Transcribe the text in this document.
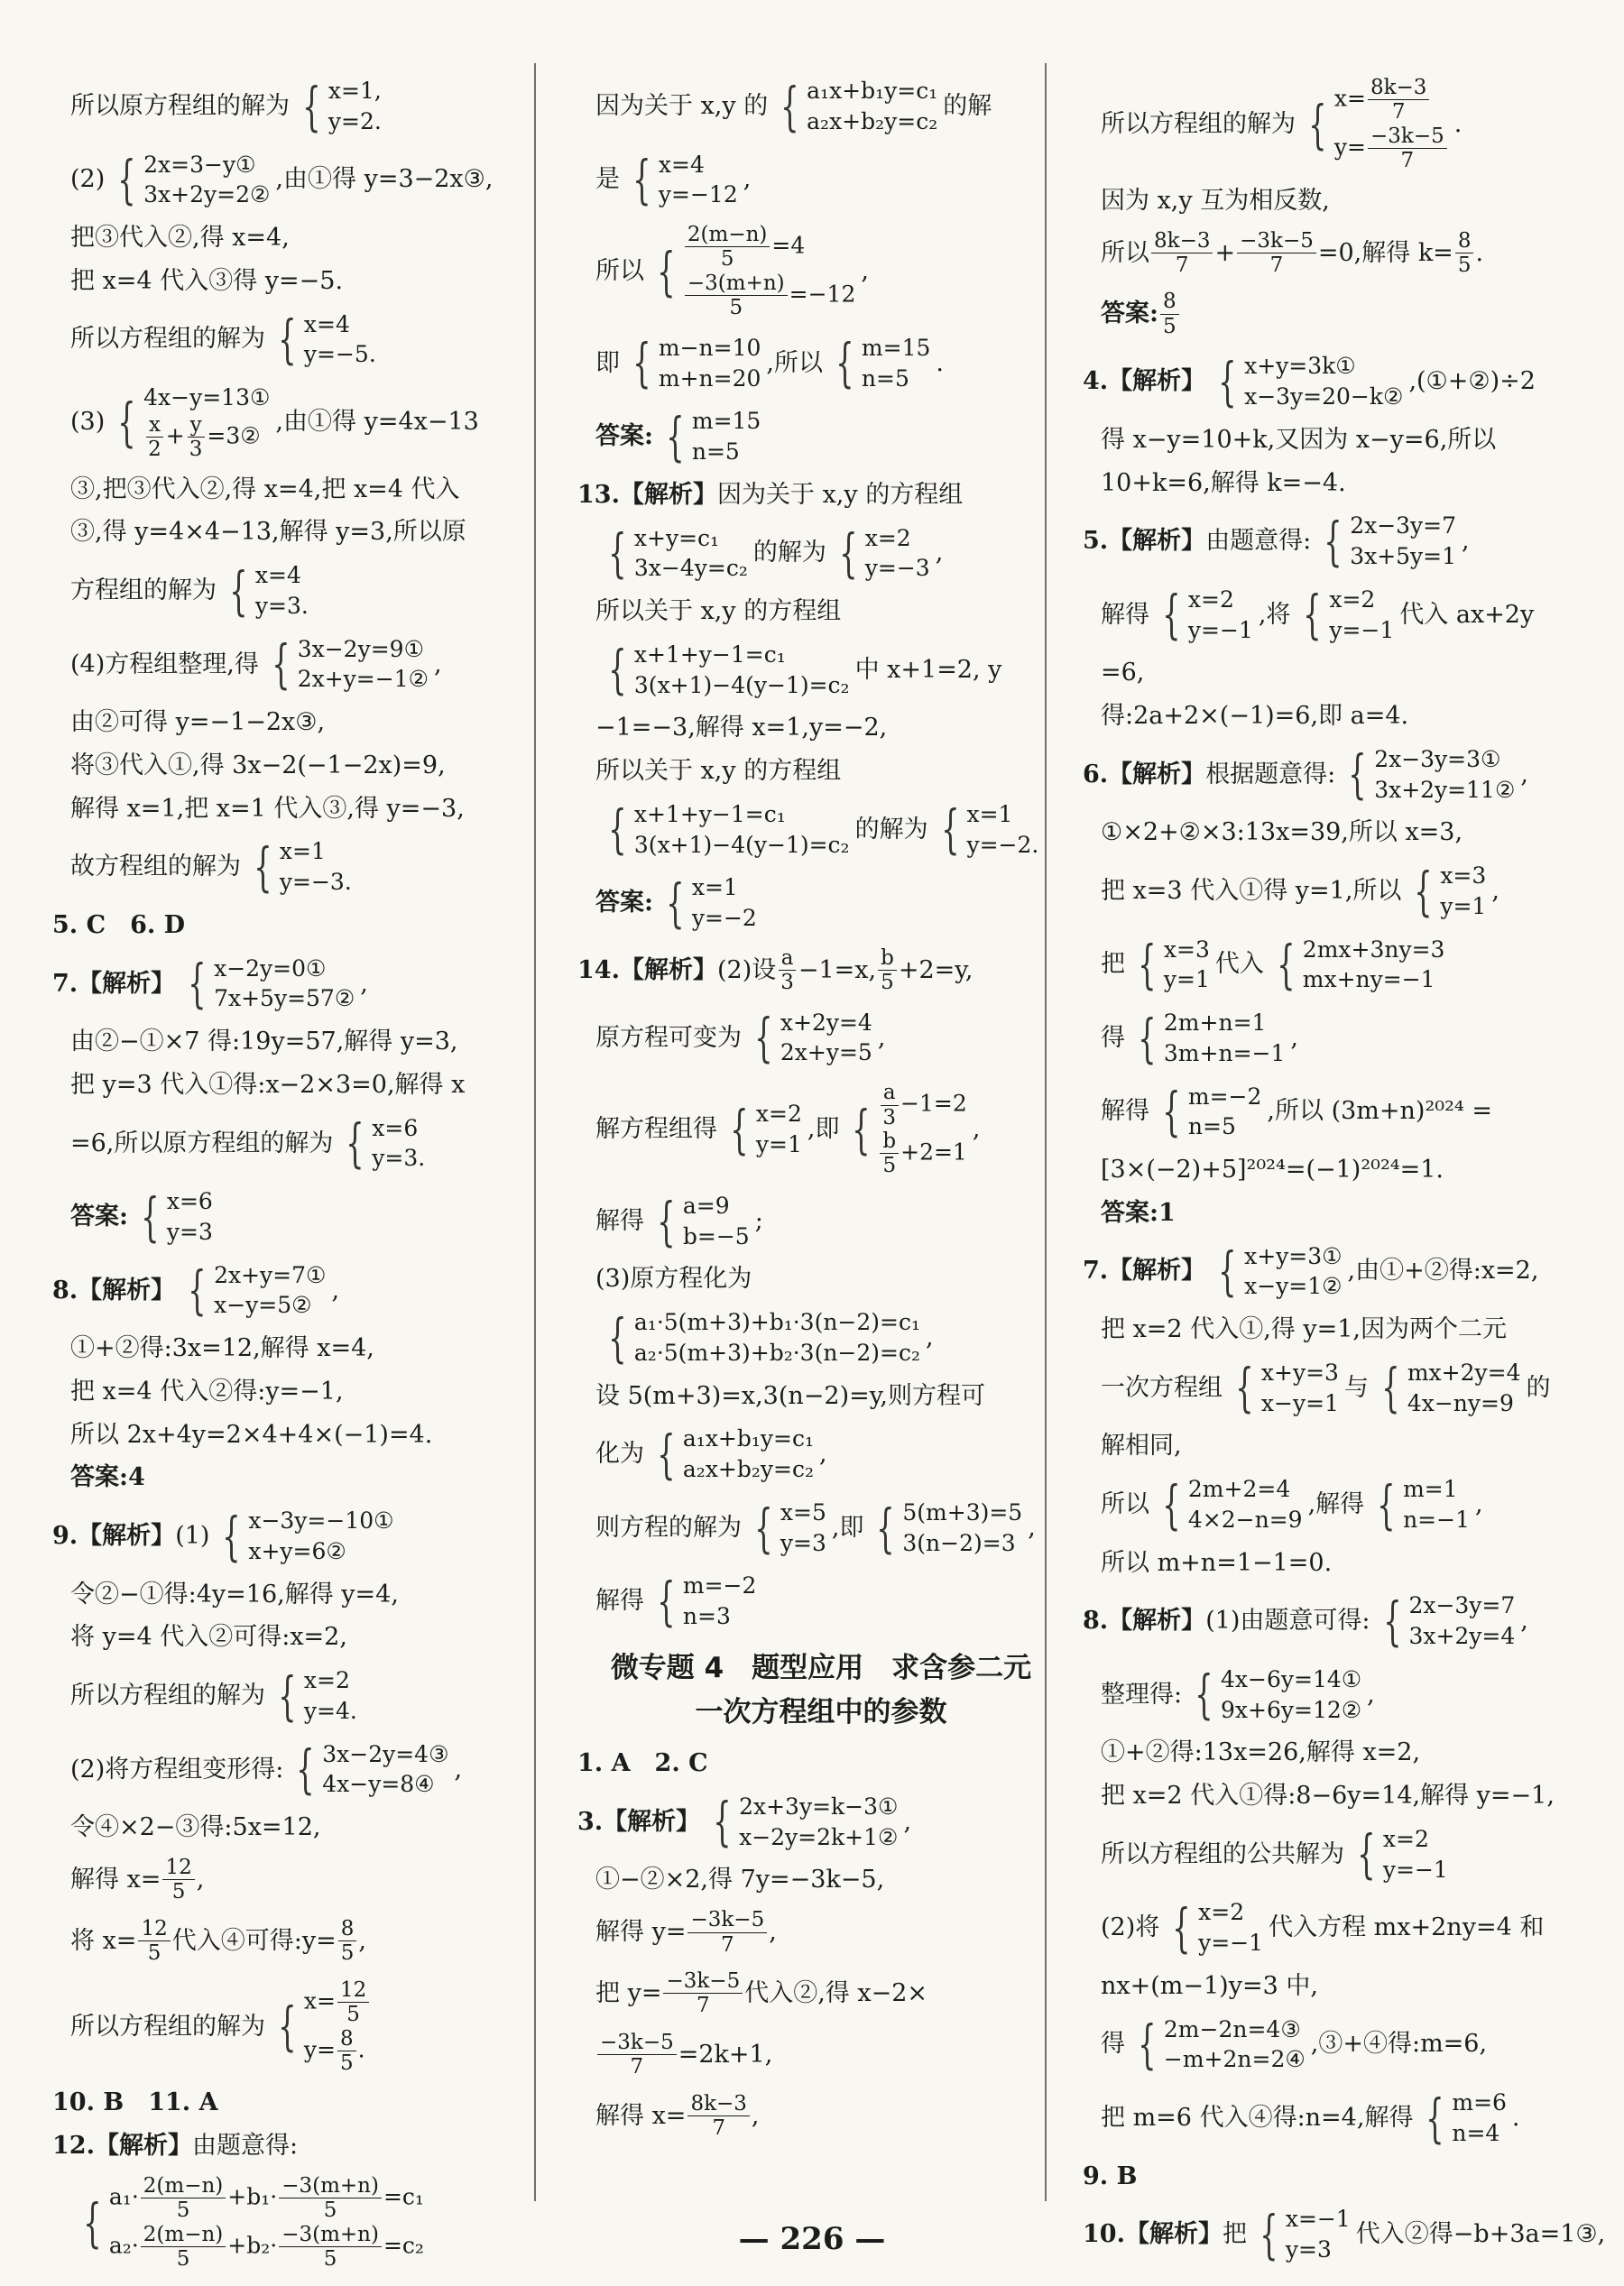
所以原方程组的解为 { x=1,
y=2.
(2) { 2x=3−y①
3x+2y=2②
,由①得 y=3−2x③,
把③代入②,得 x=4,
把 x=4 代入③得 y=−5.
所以方程组的解为 { x=4
y=−5.
(3) { 4x−y=13①
$\frac{x}{2} + \frac{y}{3}$ =3② ,由①得 y=4x−13
③,把③代入②,得 x=4,把 x=4 代入
③,得 y=4×4−13,解得 y=3,所以原
方程组的解为 { x=4
y=3.
(4)方程组整理,得 { 3x−2y=9①
2x+y=−1②
,
由②可得 y=−1−2x③,
将③代入①,得 3x−2(−1−2x)=9,
解得 x=1,把 x=1 代入③,得 y=−3,
故方程组的解为 { x=1
y=−3.
5. C　6. D
7.【解析】 { x−2y=0①
7x+5y=57②
,
由②−①×7 得:19y=57,解得 y=3,
把 y=3 代入①得:x−2×3=0,解得 x
=6,所以原方程组的解为 { x=6
y=3.
答案: { x=6
y=3
8.【解析】 { 2x+y=7①
x−y=5②
,
①+②得:3x=12,解得 x=4,
把 x=4 代入②得:y=−1,
所以 2x+4y=2×4+4×(−1)=4.
答案:4
9.【解析】 (1) { x−3y=−10①
x+y=6②
令②−①得:4y=16,解得 y=4,
将 y=4 代入②可得:x=2,
所以方程组的解为 { x=2
y=4.
(2)将方程组变形得: { 3x−2y=4③
4x−y=8④
,
令④×2−③得:5x=12,
解得 $x= \frac{12}{5}$ ,
将 $x= \frac{12}{5}$ 代入④可得:y= $\frac{8}{5}$ ,
所以方程组的解为 { $x= \frac{12}{5}$
$y= \frac{8}{5}$ .
10. B　11. A
12.【解析】 由题意得:
{ $a_1\cdot \frac{2(m-n)}{5} +b_1\cdot \frac{-3(m+n)}{5} =c_1$
$a_2\cdot \frac{2(m-n)}{5} +b_2\cdot \frac{-3(m+n)}{5} =c_2$
因为关于 x,y 的 { a₁x+b₁y=c₁
a₂x+b₂y=c₂
的解
是 { x=4
y=−12
,
所以 { $\frac{2(m-n)}{5} =4$
$\frac{-3(m+n)}{5} =-12$
,
即 { m−n=10
m+n=20
,所以 { m=15
n=5
.
答案: { m=15
n=5
13.【解析】 因为关于 x,y 的方程组
{ x+y=c₁
3x−4y=c₂
的解为 { x=2
y=−3
,
所以关于 x,y 的方程组
{ x+1+y−1=c₁
3(x+1)−4(y−1)=c₂
中 x+1=2, y
−1=−3,解得 x=1,y=−2,
所以关于 x,y 的方程组
{ x+1+y−1=c₁
3(x+1)−4(y−1)=c₂
的解为 { x=1
y=−2.
答案: { x=1
y=−2
14.【解析】 (2)设 $\frac{a}{3} -1=x$, $\frac{b}{5} +2=y$,
原方程可变为 { x+2y=4
2x+y=5
,
解方程组得 { x=2
y=1
,即 { $\frac{a}{3} -1=2$
$\frac{b}{5} +2=1$
,
解得 { a=9
b=−5
;
(3)原方程化为
{ a₁·5(m+3)+b₁·3(n−2)=c₁
a₂·5(m+3)+b₂·3(n−2)=c₂
,
设 5(m+3)=x,3(n−2)=y,则方程可
化为 { a₁x+b₁y=c₁
a₂x+b₂y=c₂
,
则方程的解为 { x=5
y=3
,即 { 5(m+3)=5
3(n−2)=3
,
解得 { m=−2
n=3
微专题 4　题型应用　求含参二元
一次方程组中的参数
1. A　2. C
3.【解析】 { 2x+3y=k−3①
x−2y=2k+1②
,
①−②×2,得 7y=−3k−5,
解得 $y= \frac{-3k-5}{7}$ ,
把 $y= \frac{-3k-5}{7}$ 代入②,得 x−2×
$\frac{-3k-5}{7} =2k+1$,
解得 $x= \frac{8k-3}{7}$ ,
所以方程组的解为 { $x= \frac{8k-3}{7}$
$y= \frac{-3k-5}{7}$
.
因为 x,y 互为相反数,
所以 $\frac{8k-3}{7} + \frac{-3k-5}{7} =0$,解得 $k= \frac{8}{5}$ .
答案: $\frac{8}{5}$
4.【解析】 { x+y=3k①
x−3y=20−k②
,(①+②)÷2
得 x−y=10+k,又因为 x−y=6,所以
10+k=6,解得 k=−4.
5.【解析】 由题意得: { 2x−3y=7
3x+5y=1
,
解得 { x=2
y=−1
,将 { x=2
y=−1
代入 ax+2y
=6,
得:2a+2×(−1)=6,即 a=4.
6.【解析】 根据题意得: { 2x−3y=3①
3x+2y=11②
,
①×2+②×3:13x=39,所以 x=3,
把 x=3 代入①得 y=1,所以 { x=3
y=1
,
把 { x=3
y=1
代入 { 2mx+3ny=3
mx+ny=−1
得 { 2m+n=1
3m+n=−1
,
解得 { m=−2
n=5
,所以 (3m+n)²⁰²⁴ =
[3×(−2)+5]²⁰²⁴=(−1)²⁰²⁴=1.
答案:1
7.【解析】 { x+y=3①
x−y=1②
,由①+②得:x=2,
把 x=2 代入①,得 y=1,因为两个二元
一次方程组 { x+y=3
x−y=1
与 { mx+2y=4
4x−ny=9
的
解相同,
所以 { 2m+2=4
4×2−n=9
,解得 { m=1
n=−1
,
所以 m+n=1−1=0.
8.【解析】 (1)由题意可得: { 2x−3y=7
3x+2y=4
,
整理得: { 4x−6y=14①
9x+6y=12②
,
①+②得:13x=26,解得 x=2,
把 x=2 代入①得:8−6y=14,解得 y=−1,
所以方程组的公共解为 { x=2
y=−1
(2)将 { x=2
y=−1
代入方程 mx+2ny=4 和
nx+(m−1)y=3 中,
得 { 2m−2n=4③
−m+2n=2④
,③+④得:m=6,
把 m=6 代入④得:n=4,解得 { m=6
n=4
.
9. B
10.【解析】 把 { x=−1
y=3
代入②得−b+3a=1③,
— 226 —
